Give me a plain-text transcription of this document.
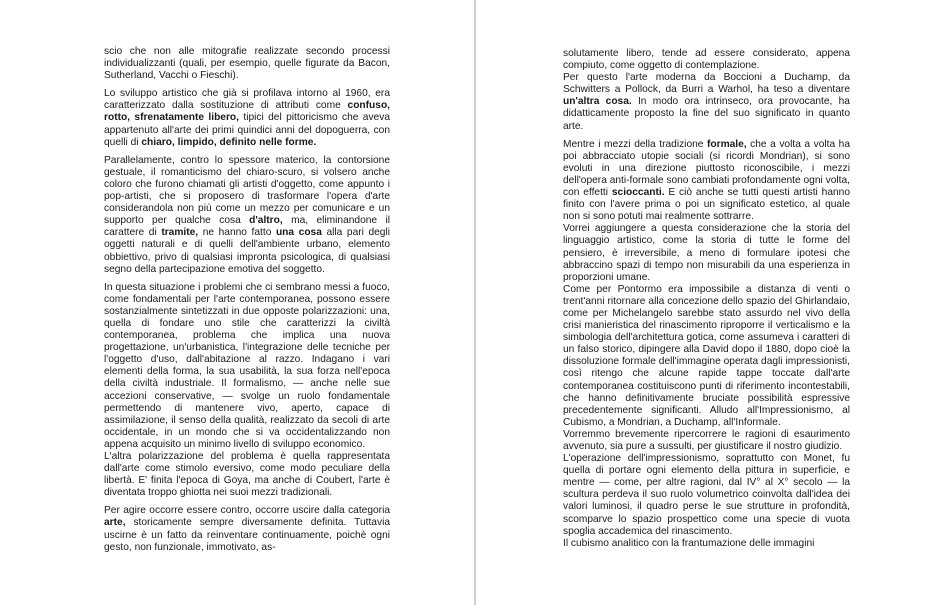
scio che non alle mitografie realizzate secondo processi individualizzanti (quali, per esempio, quelle figurate da Bacon, Sutherland, Vacchi o Fieschi).

Lo sviluppo artistico che già si profilava intorno al 1960, era caratterizzato dalla sostituzione di attributi come confuso, rotto, sfrenatamente libero, tipici del pittoricismo che aveva appartenuto all'arte dei primi quindici anni del dopoguerra, con quelli di chiaro, limpido, definito nelle forme.

Parallelamente, contro lo spessore materico, la contorsione gestuale, il romanticismo del chiaro-scuro, si volsero anche coloro che furono chiamati gli artisti d'oggetto, come appunto i pop-artisti, che si proposero di trasformare l'opera d'arte considerandola non più come un mezzo per comunicare e un supporto per qualche cosa d'altro, ma, eliminandone il carattere di tramite, ne hanno fatto una cosa alla pari degli oggetti naturali e di quelli dell'ambiente urbano, elemento obbiettivo, privo di qualsiasi impronta psicologica, di qualsiasi segno della partecipazione emotiva del soggetto.

In questa situazione i problemi che ci sembrano messi a fuoco, come fondamentali per l'arte contemporanea, possono essere sostanzialmente sintetizzati in due opposte polarizzazioni: una, quella di fondare uno stile che caratterizzi la civiltà contemporanea, problema che implica una nuova progettazione, un'urbanistica, l'integrazione delle tecniche per l'oggetto d'uso, dall'abitazione al razzo. Indagano i vari elementi della forma, la sua usabilità, la sua forza nell'epoca della civiltà industriale. Il formalismo, — anche nelle sue accezioni conservative, — svolge un ruolo fondamentale permettendo di mantenere vivo, aperto, capace di assimilazione, il senso della qualità, realizzato da secoli di arte occidentale, in un mondo che si va occidentalizzando non appena acquisito un minimo livello di sviluppo economico.

L'altra polarizzazione del problema è quella rappresentata dall'arte come stimolo eversivo, come modo peculiare della libertà. E' finita l'epoca di Goya, ma anche di Coubert, l'arte è diventata troppo ghiotta nei suoi mezzi tradizionali.

Per agire occorre essere contro, occorre uscire dalla categoria arte, storicamente sempre diversamente definita. Tuttavia uscirne è un fatto da reinventare continuamente, poichè ogni gesto, non funzionale, immotivato, as-

solutamente libero, tende ad essere considerato, appena compiuto, come oggetto di contemplazione.

Per questo l'arte moderna da Boccioni a Duchamp, da Schwitters a Pollock, da Burri a Warhol, ha teso a diventare un'altra cosa. In modo ora intrinseco, ora provocante, ha didatticamente proposto la fine del suo significato in quanto arte.

Mentre i mezzi della tradizione formale, che a volta a volta ha poi abbracciato utopie sociali (si ricordi Mondrian), si sono evoluti in una direzione piuttosto riconoscibile, i mezzi dell'opera anti-formale sono cambiati profondamente ogni volta, con effetti scioccanti. E ciò anche se tutti questi artisti hanno finito con l'avere prima o poi un significato estetico, al quale non si sono potuti mai realmente sottrarre.

Vorrei aggiungere a questa considerazione che la storia del linguaggio artistico, come la storia di tutte le forme del pensiero, è irreversibile, a meno di formulare ipotesi che abbraccino spazi di tempo non misurabili da una esperienza in proporzioni umane.

Come per Pontormo era impossibile a distanza di venti o trent'anni ritornare alla concezione dello spazio del Ghirlandaio, come per Michelangelo sarebbe stato assurdo nel vivo della crisi manieristica del rinascimento riproporre il verticalismo e la simbologia dell'architettura gotica, come assumeva i caratteri di un falso storico, dipingere alla David dopo il 1880, dopo cioè la dissoluzione formale dell'immagine operata dagli impressionisti, così ritengo che alcune rapide tappe toccate dall'arte contemporanea costituiscono punti di riferimento incontestabili, che hanno definitivamente bruciate possibilità espressive precedentemente significanti. Alludo all'Impressionismo, al Cubismo, a Mondrian, a Duchamp, all'Informale.

Vorremmo brevemente ripercorrere le ragioni di esaurimento avvenuto, sia pure a sussulti, per giustificare il nostro giudizio.

L'operazione dell'impressionismo, soprattutto con Monet, fu quella di portare ogni elemento della pittura in superficie, e mentre — come, per altre ragioni, dal IV° al X° secolo — la scultura perdeva il suo ruolo volumetrico coinvolta dall'idea dei valori luminosi, il quadro perse le sue strutture in profondità, scomparve lo spazio prospettico come una specie di vuota spoglia accademica del rinascimento.

Il cubismo analitico con la frantumazione delle immagini
